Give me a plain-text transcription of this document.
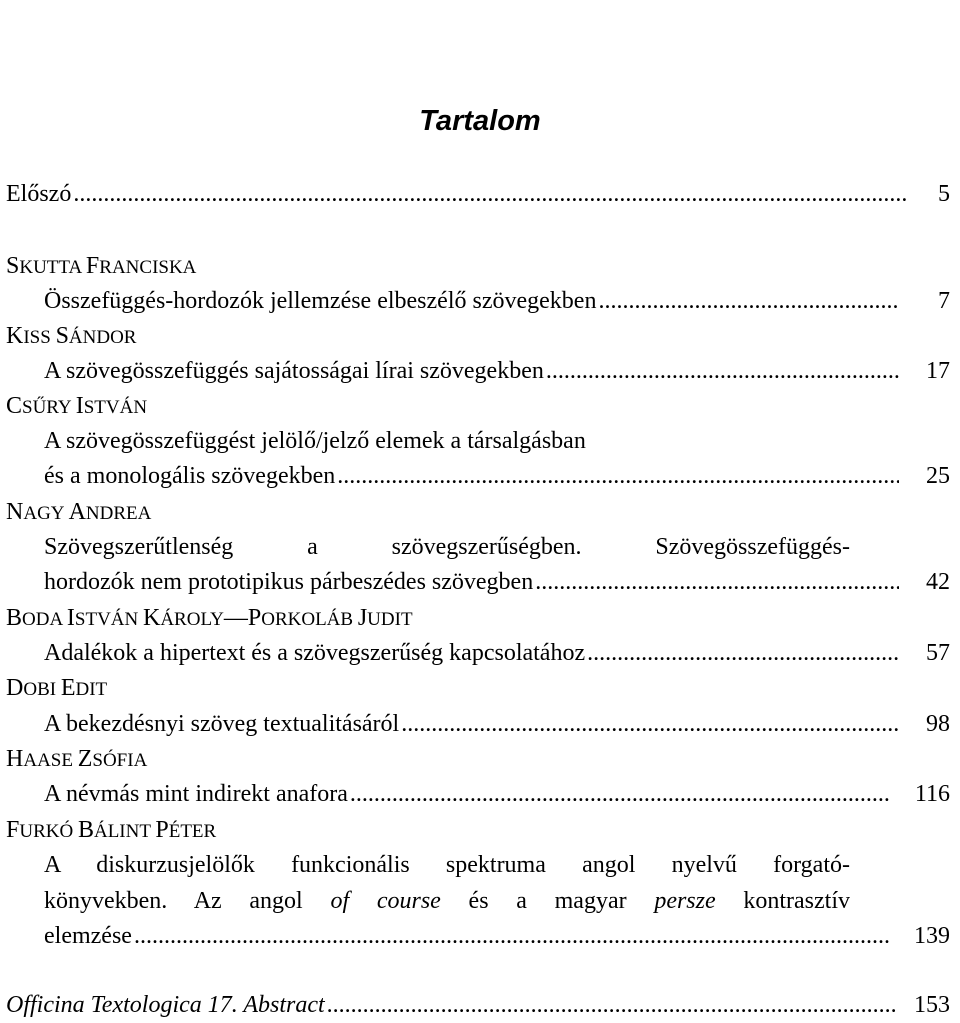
Tartalom
Előszó .....	5
SKUTTA FRANCISKA
Összefüggés-hordozók jellemzése elbeszélő szövegekben .....	7
KISS SÁNDOR
A szövegösszefüggés sajátosságai lírai szövegekben .....	17
CSŰRY ISTVÁN
A szövegösszefüggést jelölő/jelző elemek a társalgásban
és a monologális szövegekben .....	25
NAGY ANDREA
Szövegszerűtlenség a szövegszerűségben. Szövegösszefüggés-
hordozók nem prototipikus párbeszédes szövegben .....	42
BODA ISTVÁN KÁROLY—PORKOLÁB JUDIT
Adalékok a hipertext és a szövegszerűség kapcsolatához .....	57
DOBI EDIT
A bekezdésnyi szöveg textualitásáról .....	98
HAASE ZSÓFIA
A névmás mint indirekt anafora .....	116
FURKÓ BÁLINT PÉTER
A diskurzusjelölők funkcionális spektruma angol nyelvű forgató-
könyvekben. Az angol of course és a magyar persze kontrasztív
elemzése .....	139
Officina Textologica 17. Abstract .....	153
